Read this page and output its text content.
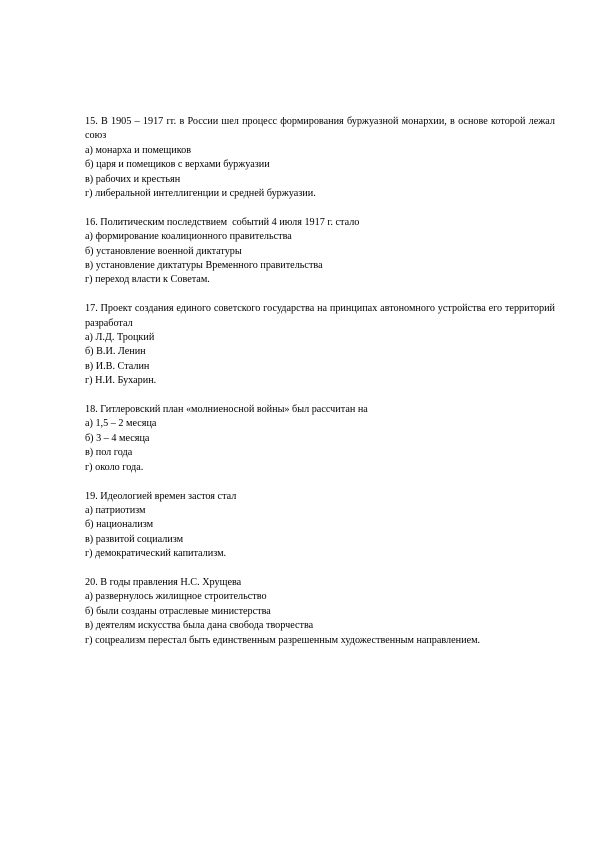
15. В 1905 – 1917 гг. в России шел процесс формирования буржуазной монархии, в основе которой лежал союз

а) монарха и помещиков

б) царя и помещиков с верхами буржуазии

в) рабочих и крестьян

г) либеральной интеллигенции и средней буржуазии.

16. Политическим последствием  событий 4 июля 1917 г. стало

а) формирование коалиционного правительства

б) установление военной диктатуры

в) установление диктатуры Временного правительства

г) переход власти к Советам.

17. Проект создания единого советского государства на принципах автономного устройства его территорий разработал

а) Л.Д. Троцкий

б) В.И. Ленин

в) И.В. Сталин

г) Н.И. Бухарин.

18. Гитлеровский план «молниеносной войны» был рассчитан на

а) 1,5 – 2 месяца

б) 3 – 4 месяца

в) пол года

г) около года.

19. Идеологией времен застоя стал

а) патриотизм

б) национализм

в) развитой социализм

г) демократический капитализм.

20. В годы правления Н.С. Хрущева

а) развернулось жилищное строительство

б) были созданы отраслевые министерства

в) деятелям искусства была дана свобода творчества

г) соцреализм перестал быть единственным разрешенным художественным направлением.
